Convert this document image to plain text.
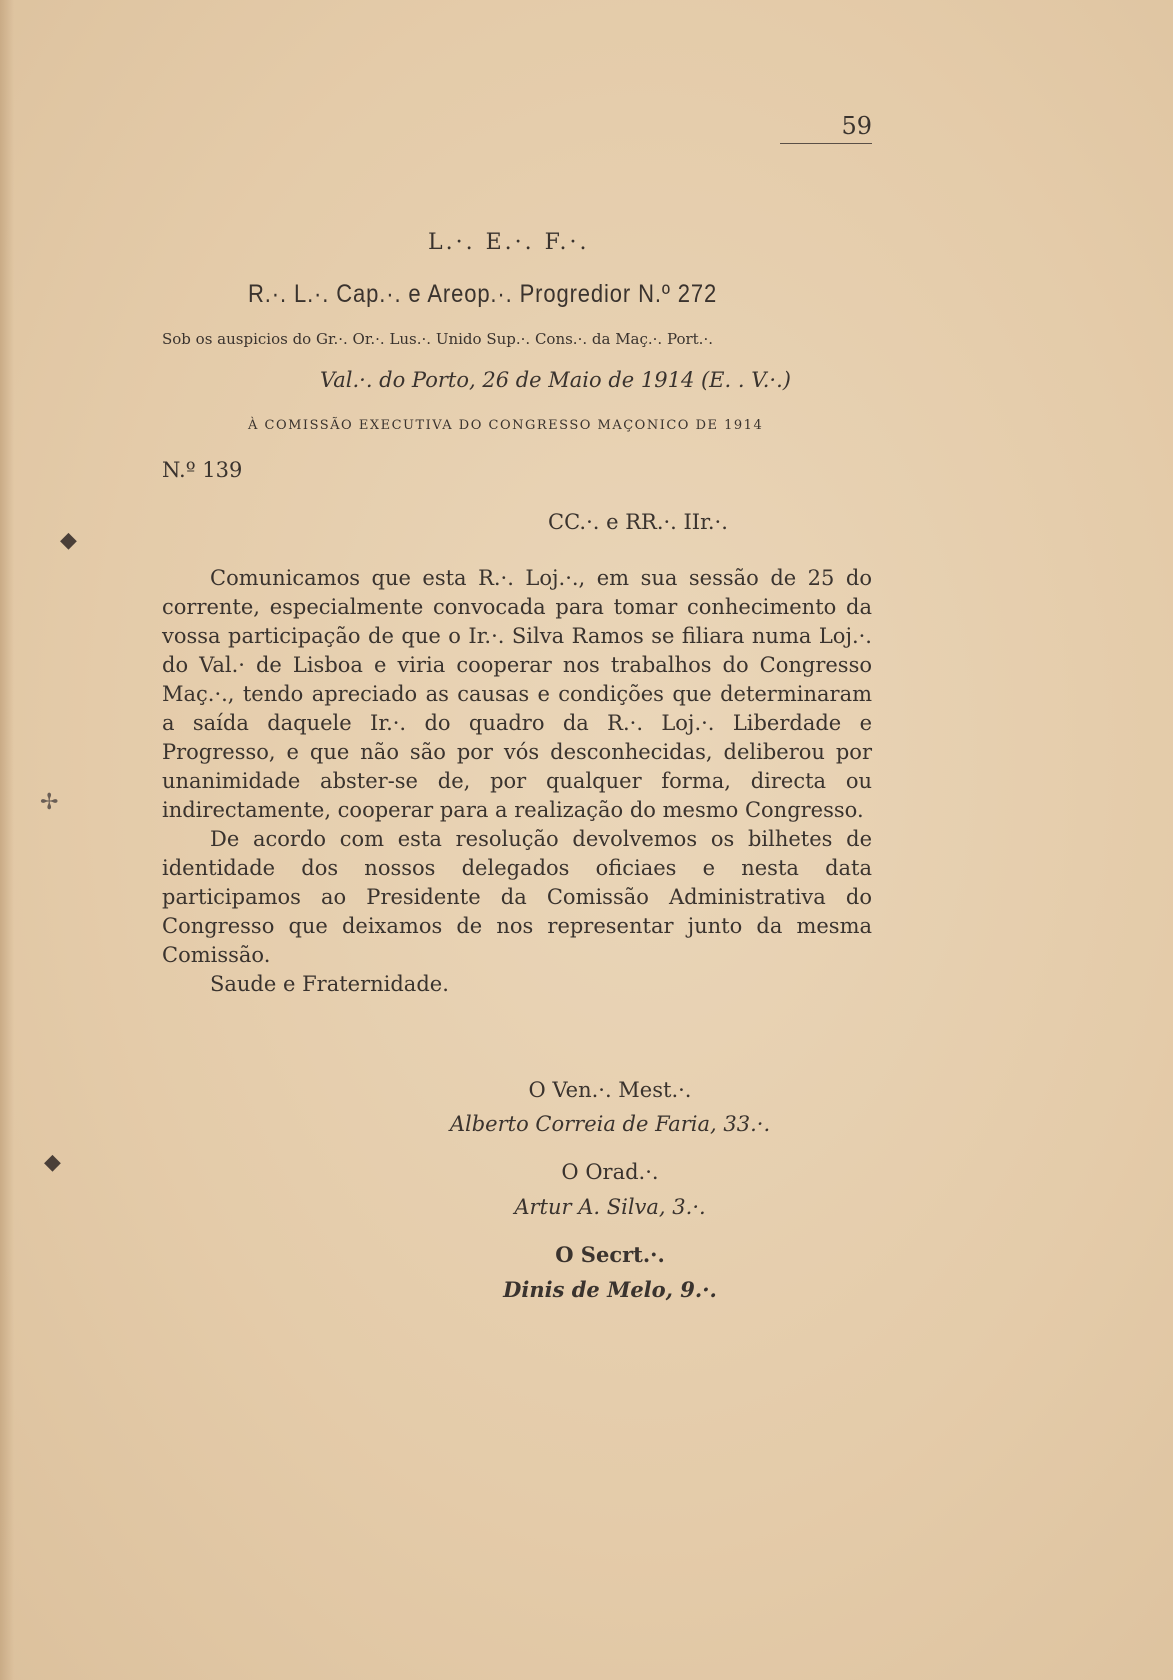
59
L.·. E.·. F.·.
R.·. L.·. Cap.·. e Areop.·. Progredior N.º 272
Sob os auspicios do Gr.·. Or.·. Lus.·. Unido Sup.·. Cons.·. da Maç.·. Port.·.
Val.·. do Porto, 26 de Maio de 1914 (E. . V.·.)
À COMISSÃO EXECUTIVA DO CONGRESSO MAÇONICO DE 1914
N.º 139
CC.·. e RR.·. IIr.·.

Comunicamos que esta R.·. Loj.·., em sua sessão de 25 do corrente, especialmente convocada para tomar conhecimento da vossa participação de que o Ir.·. Silva Ramos se filiara numa Loj.·. do Val.· de Lisboa e viria cooperar nos trabalhos do Congresso Maç.·., tendo apreciado as causas e condições que determinaram a saída daquele Ir.·. do quadro da R.·. Loj.·. Liberdade e Progresso, e que não são por vós desconhecidas, deliberou por unanimidade abster-se de, por qualquer forma, directa ou indirectamente, cooperar para a realização do mesmo Congresso.

De acordo com esta resolução devolvemos os bilhetes de identidade dos nossos delegados oficiaes e nesta data participamos ao Presidente da Comissão Administrativa do Congresso que deixamos de nos representar junto da mesma Comissão.

Saude e Fraternidade.

O Ven.·. Mest.·.
Alberto Correia de Faria, 33.·.
O Orad.·.
Artur A. Silva, 3.·.
O Secrt.·.
Dinis de Melo, 9.·.
◆
✢
◆
